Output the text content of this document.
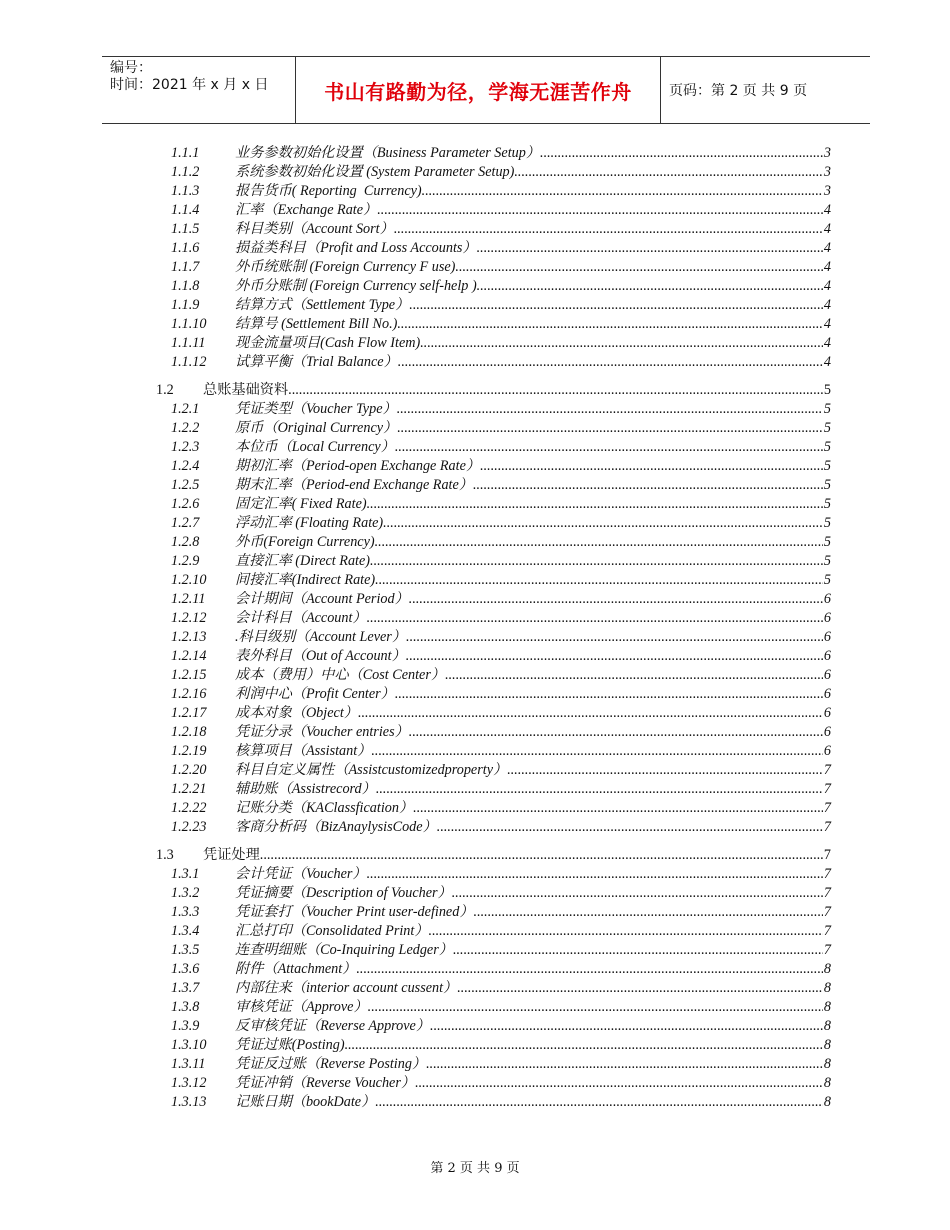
编号：
时间：2021 年 x 月 x 日	书山有路勤为径，学海无涯苦作舟	页码：第 2 页 共 9 页
1.1.1	业务参数初始化设置（Business Parameter Setup） .....	3
1.1.2	系统参数初始化设置 (System Parameter Setup) .....	3
1.1.3	报告货币( Reporting  Currency) .....	3
1.1.4	汇率（Exchange Rate） .....	4
1.1.5	科目类别（Account Sort） .....	4
1.1.6	损益类科目（Profit and Loss Accounts） .....	4
1.1.7	外币统账制 (Foreign Currency F use) .....	4
1.1.8	外币分账制 (Foreign Currency self-help ) .....	4
1.1.9	结算方式（Settlement Type） .....	4
1.1.10 结算号 (Settlement Bill No.) .....	4
1.1.11 现金流量项目(Cash Flow Item) .....	4
1.1.12 试算平衡（Trial Balance） .....	4
1.2 总账基础资料 .....	5
1.2.1	凭证类型（Voucher Type） .....	5
1.2.2	原币（Original Currency） .....	5
1.2.3	本位币（Local Currency） .....	5
1.2.4	期初汇率（Period-open Exchange Rate） .....	5
1.2.5	期末汇率（Period-end Exchange Rate） .....	5
1.2.6	固定汇率( Fixed Rate) .....	5
1.2.7	浮动汇率 (Floating Rate) .....	5
1.2.8	外币(Foreign Currency) .....	5
1.2.9	直接汇率 (Direct Rate) .....	5
1.2.10 间接汇率(Indirect Rate) .....	5
1.2.11 会计期间（Account Period） .....	6
1.2.12 会计科目（Account） .....	6
1.2.13 .科目级别（Account Lever） .....	6
1.2.14 表外科目（Out of Account） .....	6
1.2.15 成本（费用）中心（Cost Center） .....	6
1.2.16 利润中心（Profit Center） .....	6
1.2.17 成本对象（Object） .....	6
1.2.18 凭证分录（Voucher entries） .....	6
1.2.19 核算项目（Assistant） .....	6
1.2.20 科目自定义属性（Assistcustomizedproperty） .....	7
1.2.21 辅助账（Assistrecord） .....	7
1.2.22 记账分类（KAClassfication） .....	7
1.2.23 客商分析码（BizAnaylysisCode） .....	7
1.3 凭证处理 .....	7
1.3.1	会计凭证（Voucher） .....	7
1.3.2	凭证摘要（Description of Voucher） .....	7
1.3.3	凭证套打（Voucher Print user-defined） .....	7
1.3.4	汇总打印（Consolidated Print） .....	7
1.3.5	连查明细账（Co-Inquiring Ledger） .....	7
1.3.6	附件（Attachment） .....	8
1.3.7	内部往来（interior account cussent） .....	8
1.3.8	审核凭证（Approve） .....	8
1.3.9	反审核凭证（Reverse Approve） .....	8
1.3.10 凭证过账(Posting) .....	8
1.3.11 凭证反过账（Reverse Posting） .....	8
1.3.12 凭证冲销（Reverse Voucher） .....	8
1.3.13 记账日期（bookDate） .....	8
第 2 页 共 9 页
